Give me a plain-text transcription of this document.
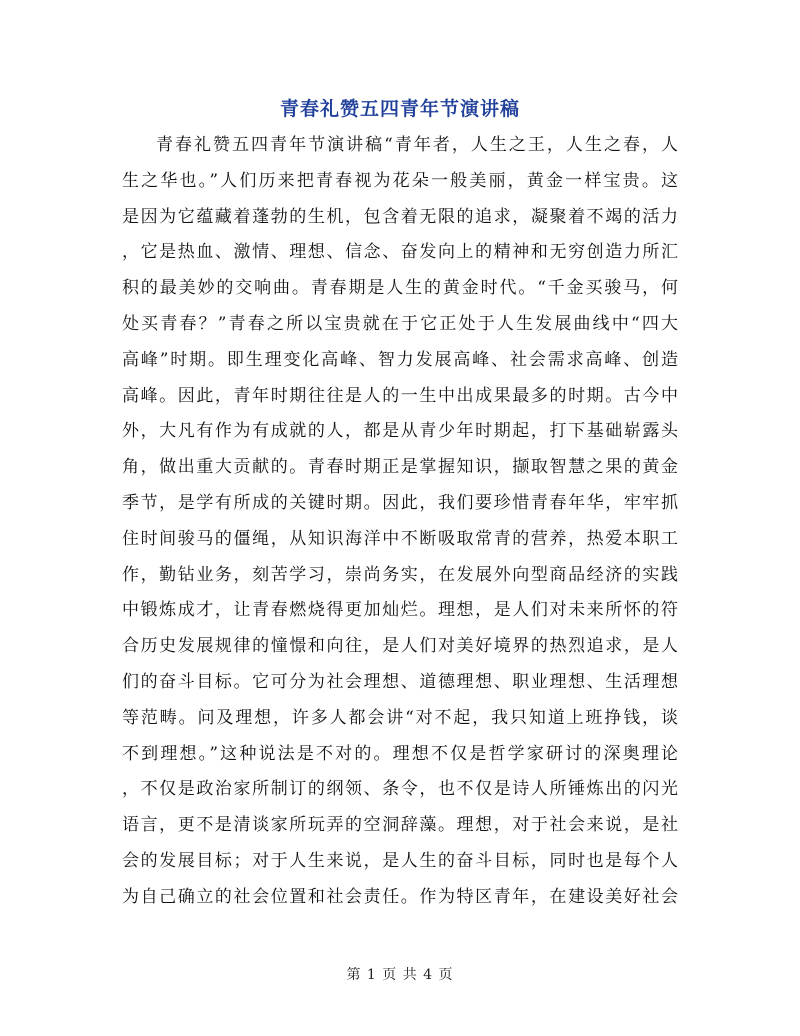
青春礼赞五四青年节演讲稿
青春礼赞五四青年节演讲稿“青年者，人生之王，人生之春，人
生之华也。”人们历来把青春视为花朵一般美丽，黄金一样宝贵。这
是因为它蕴藏着蓬勃的生机，包含着无限的追求，凝聚着不竭的活力
，它是热血、激情、理想、信念、奋发向上的精神和无穷创造力所汇
积的最美妙的交响曲。青春期是人生的黄金时代。“千金买骏马，何
处买青春？”青春之所以宝贵就在于它正处于人生发展曲线中“四大
高峰”时期。即生理变化高峰、智力发展高峰、社会需求高峰、创造
高峰。因此，青年时期往往是人的一生中出成果最多的时期。古今中
外，大凡有作为有成就的人，都是从青少年时期起，打下基础崭露头
角，做出重大贡献的。青春时期正是掌握知识，撷取智慧之果的黄金
季节，是学有所成的关键时期。因此，我们要珍惜青春年华，牢牢抓
住时间骏马的僵绳，从知识海洋中不断吸取常青的营养，热爱本职工
作，勤钻业务，刻苦学习，崇尚务实，在发展外向型商品经济的实践
中锻炼成才，让青春燃烧得更加灿烂。理想，是人们对未来所怀的符
合历史发展规律的憧憬和向往，是人们对美好境界的热烈追求，是人
们的奋斗目标。它可分为社会理想、道德理想、职业理想、生活理想
等范畴。问及理想，许多人都会讲“对不起，我只知道上班挣钱，谈
不到理想。”这种说法是不对的。理想不仅是哲学家研讨的深奥理论
，不仅是政治家所制订的纲领、条令，也不仅是诗人所锤炼出的闪光
语言，更不是清谈家所玩弄的空洞辞藻。理想，对于社会来说，是社
会的发展目标；对于人生来说，是人生的奋斗目标，同时也是每个人
为自己确立的社会位置和社会责任。作为特区青年，在建设美好社会
第 1 页 共 4 页
